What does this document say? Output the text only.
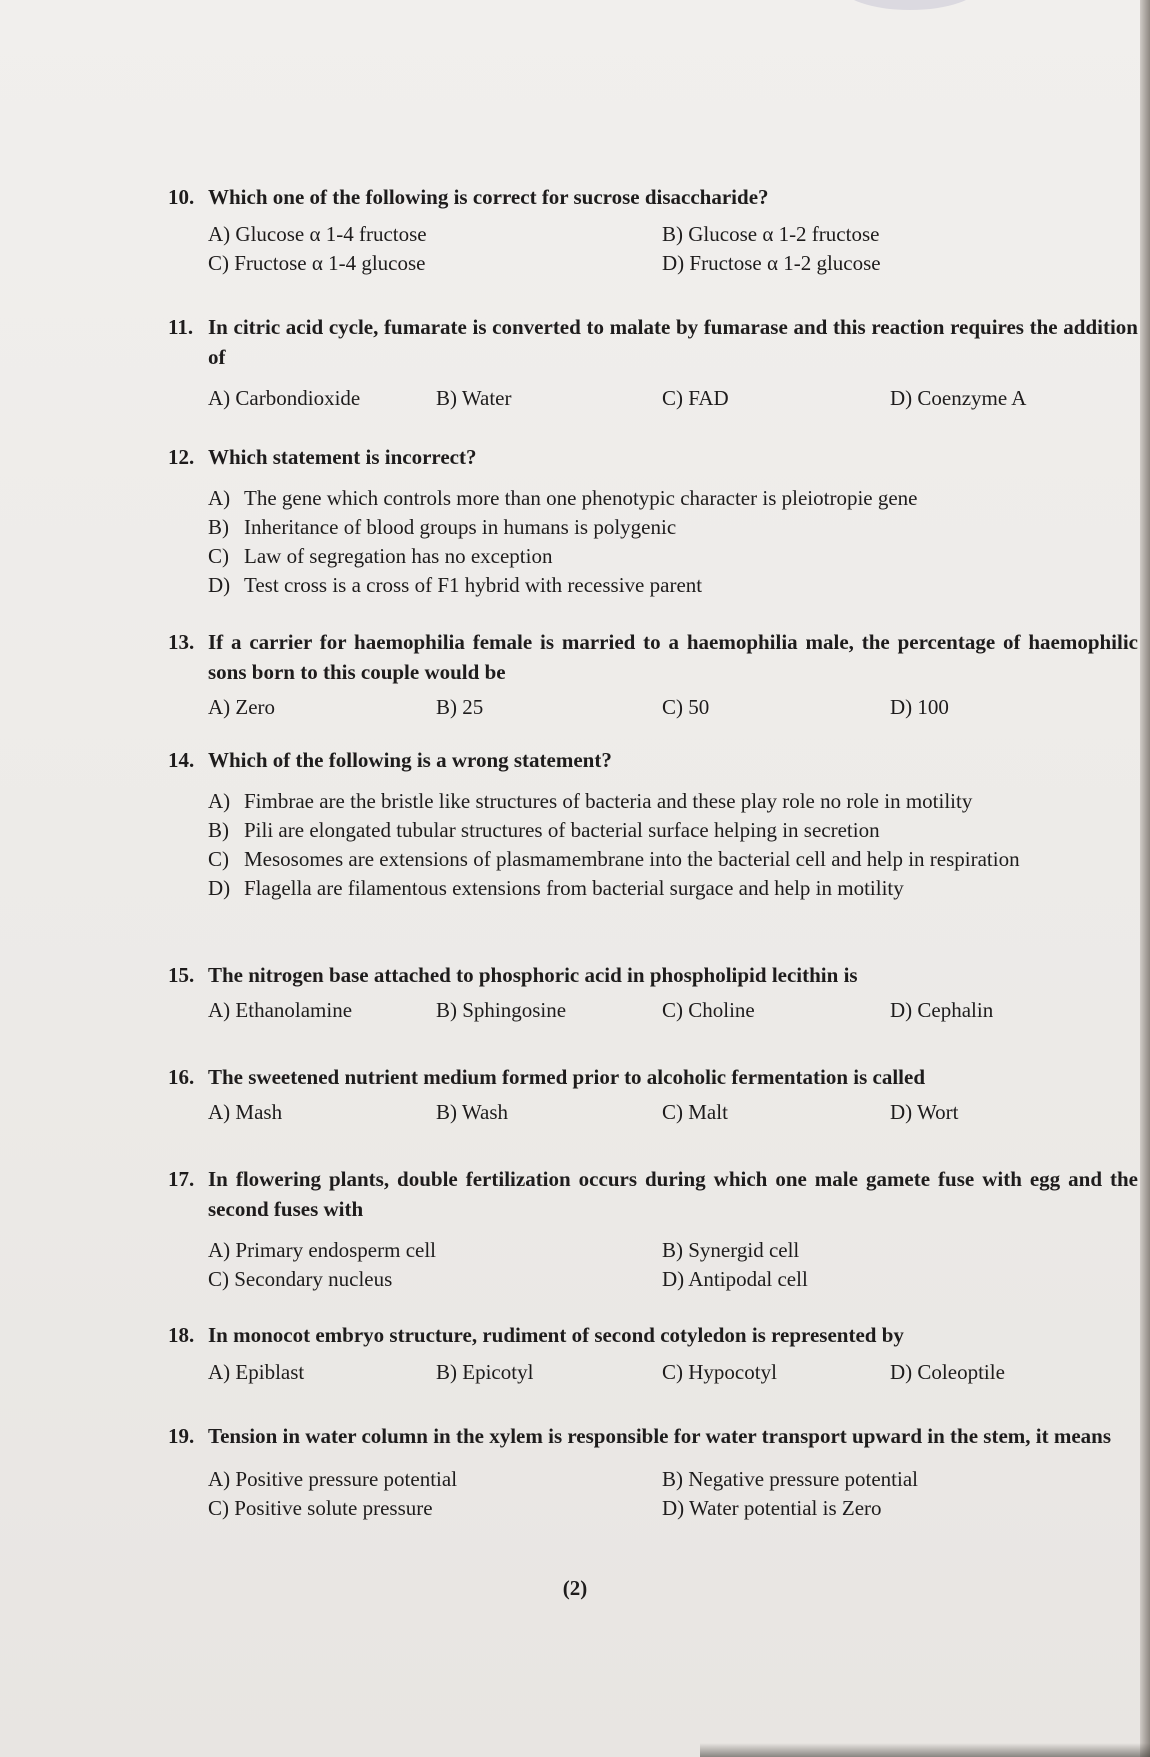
10. Which one of the following is correct for sucrose disaccharide?
A) Glucose α 1-4 fructose	B) Glucose α 1-2 fructose
C) Fructose α 1-4 glucose	D) Fructose α 1-2 glucose
11. In citric acid cycle, fumarate is converted to malate by fumarase and this reaction requires the addition of
A) Carbondioxide	B) Water	C) FAD	D) Coenzyme A
12. Which statement is incorrect?
A) The gene which controls more than one phenotypic character is pleiotropie gene
B) Inheritance of blood groups in humans is polygenic
C) Law of segregation has no exception
D) Test cross is a cross of F1 hybrid with recessive parent
13. If a carrier for haemophilia female is married to a haemophilia male, the percentage of haemophilic sons born to this couple would be
A) Zero	B) 25	C) 50	D) 100
14. Which of the following is a wrong statement?
A) Fimbrae are the bristle like structures of bacteria and these play role no role in motility
B) Pili are elongated tubular structures of bacterial surface helping in secretion
C) Mesosomes are extensions of plasmamembrane into the bacterial cell and help in respiration
D) Flagella are filamentous extensions from bacterial surgace and help in motility
15. The nitrogen base attached to phosphoric acid in phospholipid lecithin is
A) Ethanolamine	B) Sphingosine	C) Choline	D) Cephalin
16. The sweetened nutrient medium formed prior to alcoholic fermentation is called
A) Mash	B) Wash	C) Malt	D) Wort
17. In flowering plants, double fertilization occurs during which one male gamete fuse with egg and the second fuses with
A) Primary endosperm cell	B) Synergid cell
C) Secondary nucleus	D) Antipodal cell
18. In monocot embryo structure, rudiment of second cotyledon is represented by
A) Epiblast	B) Epicotyl	C) Hypocotyl	D) Coleoptile
19. Tension in water column in the xylem is responsible for water transport upward in the stem, it means
A) Positive pressure potential	B) Negative pressure potential
C) Positive solute pressure	D) Water potential is Zero
(2)
